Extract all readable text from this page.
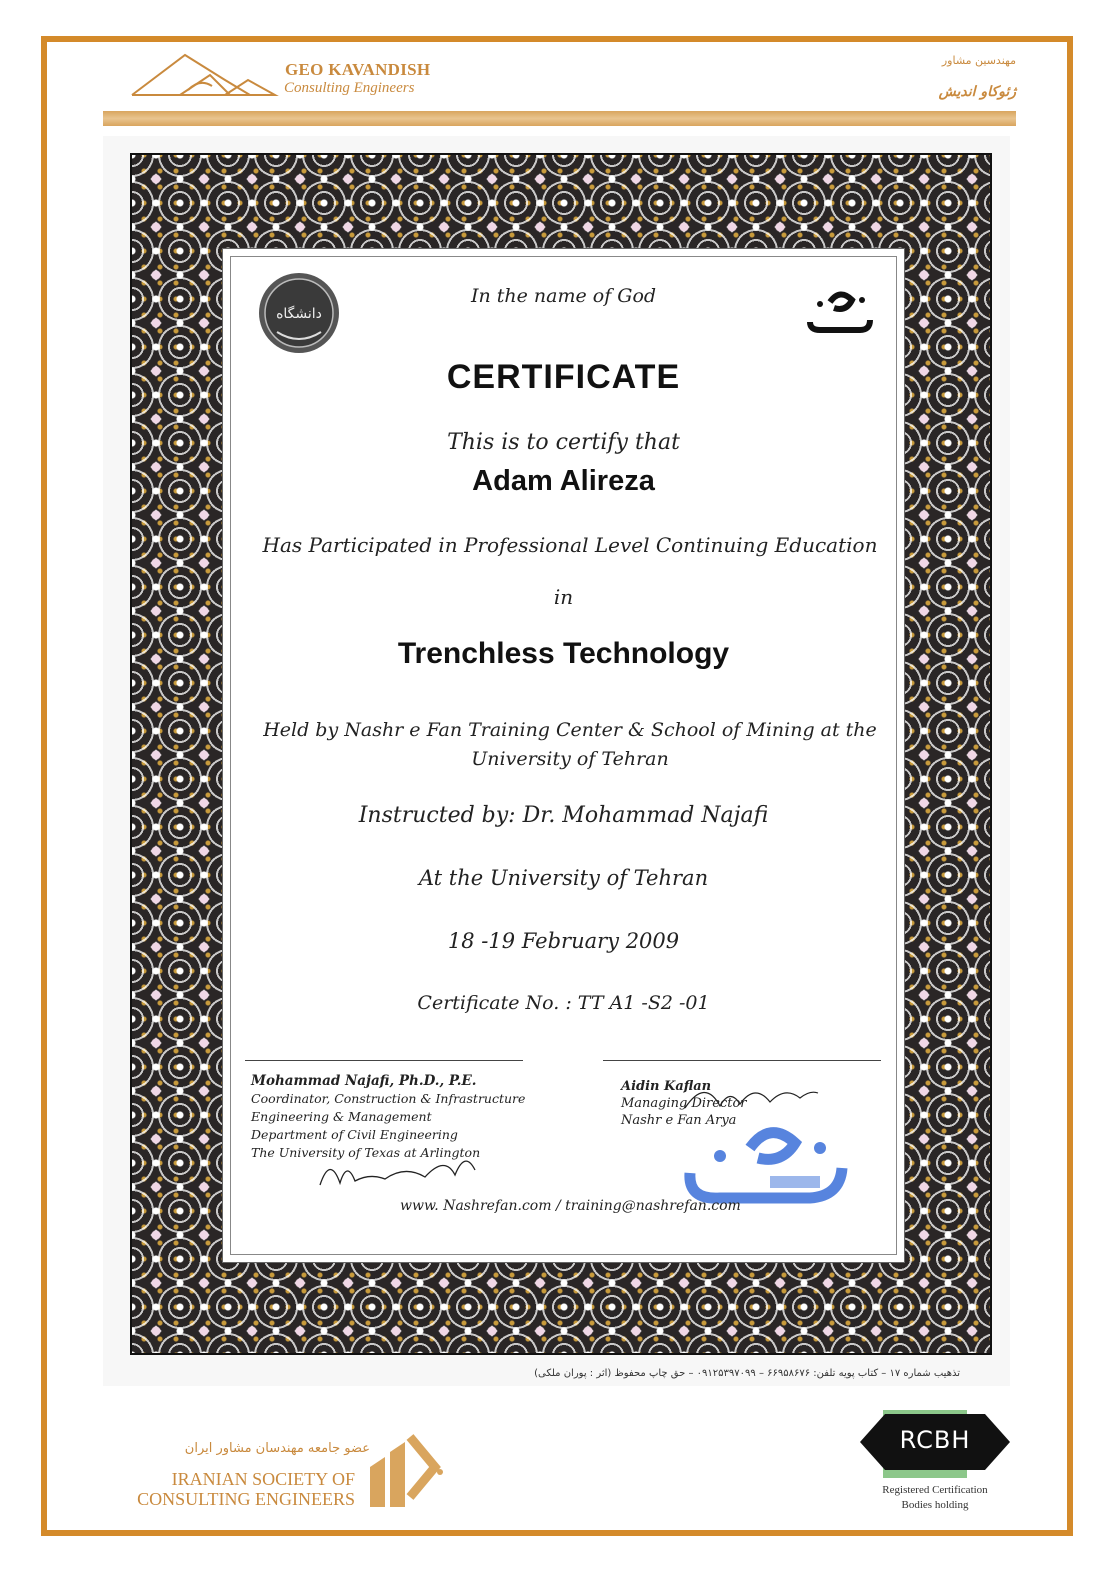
GEO KAVANDISH
Consulting Engineers
مهندسین مشاور
ژئوکاو اندیش
دانشگاه
In the name of God
CERTIFICATE
This is to certify that
Adam Alireza
Has Participated in Professional Level Continuing Education
in
Trenchless Technology
Held by Nashr e Fan Training Center & School of Mining at the
University of Tehran
Instructed by: Dr. Mohammad Najafi
At the University of Tehran
18 -19 February 2009
Certificate No. : TT A1 -S2 -01
Mohammad Najafi, Ph.D., P.E.
Coordinator, Construction & Infrastructure
Engineering & Management
Department of Civil Engineering
The University of Texas at Arlington
Aidin Kaflan
Managing Director
Nashr e Fan Arya
www. Nashrefan.com / training@nashrefan.com
تذهیب شماره ۱۷ – کتاب پویه تلفن: ۶۶۹۵۸۶۷۶ – ۰۹۱۲۵۳۹۷۰۹۹ – حق چاپ محفوظ (اثر : پوران ملکی)
عضو جامعه مهندسان مشاور ایران
IRANIAN SOCIETY OF
CONSULTING ENGINEERS
RCBH
Registered Certification
Bodies holding
